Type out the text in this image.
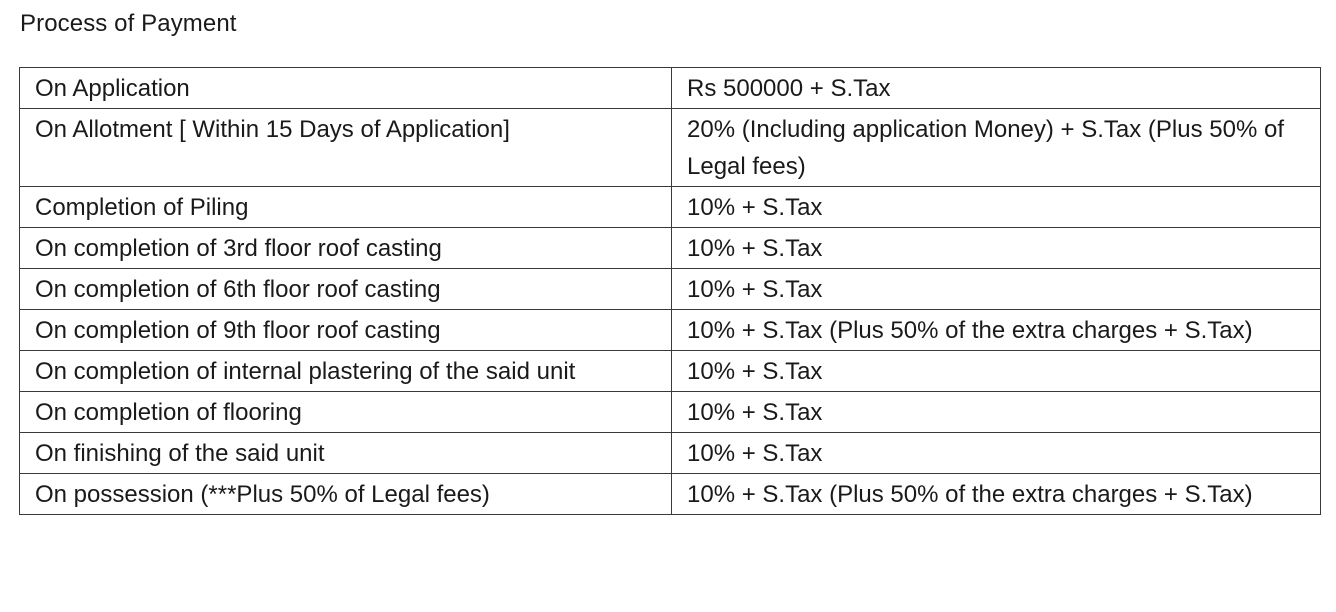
Process of Payment
On Application	Rs 500000 + S.Tax
On Allotment [ Within 15 Days of Application]	20% (Including application Money) + S.Tax (Plus 50% of Legal fees)
Completion of Piling	10% + S.Tax
On completion of 3rd floor roof casting	10% + S.Tax
On completion of 6th floor roof casting	10% + S.Tax
On completion of 9th floor roof casting	10% + S.Tax (Plus 50% of the extra charges + S.Tax)
On completion of internal plastering of the said unit	10% + S.Tax
On completion of flooring	10% + S.Tax
On finishing of the said unit	10% + S.Tax
On possession (***Plus 50% of Legal fees)	10% + S.Tax (Plus 50% of the extra charges + S.Tax)
